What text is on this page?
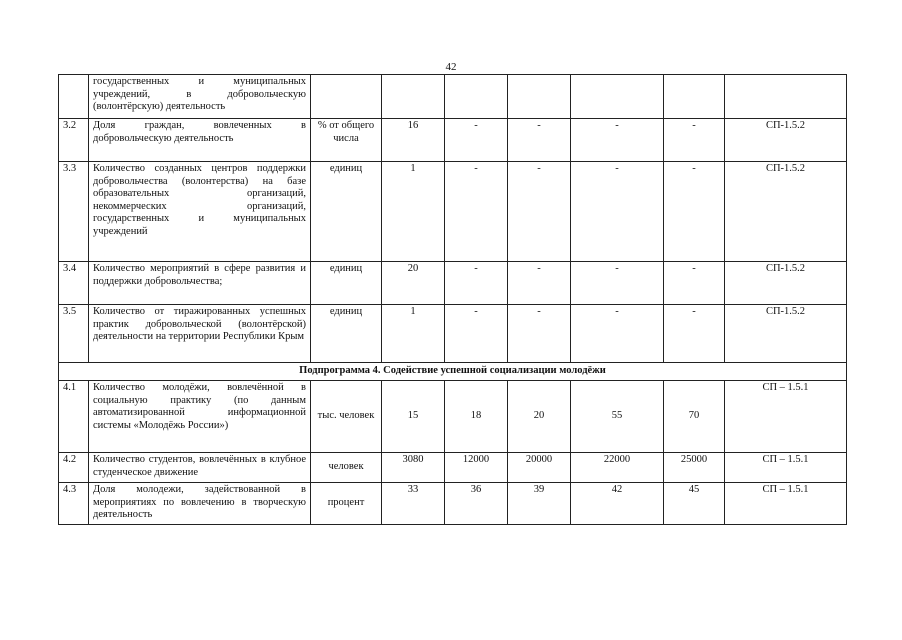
42
	государственных и муниципальных учреждений, в добровольческую (волонтёрскую) деятельность							
3.2	Доля граждан, вовлеченных в добровольческую деятельность	% от общего числа	16	-	-	-	-	СП-1.5.2
3.3	Количество созданных центров поддержки добровольчества (волонтерства) на базе образовательных организаций, некоммерческих организаций, государственных и муниципальных учреждений	единиц	1	-	-	-	-	СП-1.5.2
3.4	Количество мероприятий в сфере развития и поддержки добровольчества;	единиц	20	-	-	-	-	СП-1.5.2
3.5	Количество от тиражированных успешных практик добровольческой (волонтёрской) деятельности на территории Республики Крым	единиц	1	-	-	-	-	СП-1.5.2
Подпрограмма 4. Содействие успешной социализации молодёжи								
4.1	Количество молодёжи, вовлечённой в социальную практику (по данным автоматизированной информационной системы «Молодёжь России»)	тыс. человек	15	18	20	55	70	СП – 1.5.1
4.2	Количество студентов, вовлечённых в клубное студенческое движение	человек	3080	12000	20000	22000	25000	СП – 1.5.1
4.3	Доля молодежи, задействованной в мероприятиях по вовлечению в творческую деятельность	процент	33	36	39	42	45	СП – 1.5.1
